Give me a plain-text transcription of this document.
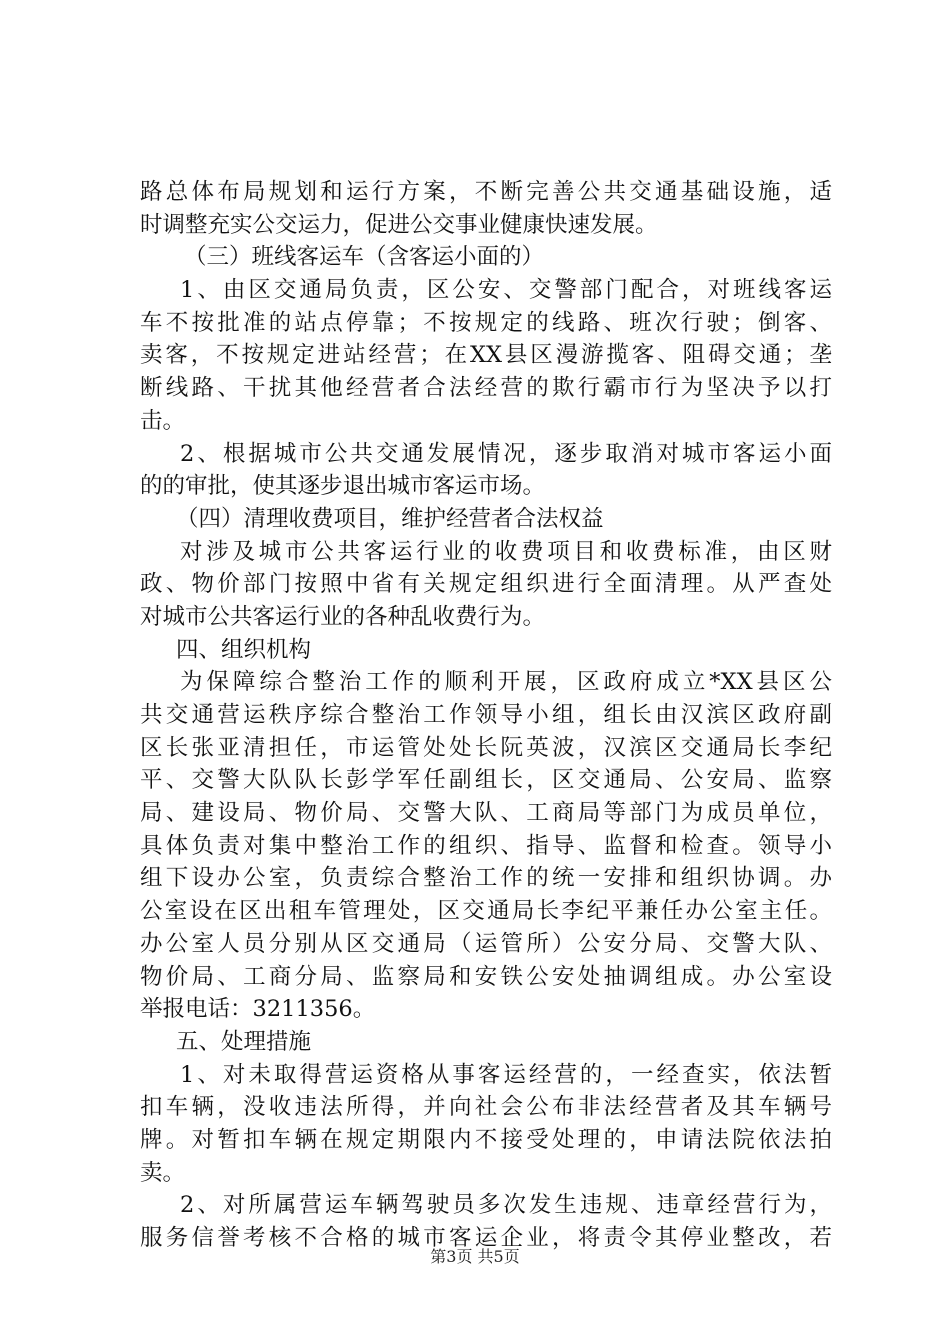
路总体布局规划和运行方案，不断完善公共交通基础设施，适

时调整充实公交运力，促进公交事业健康快速发展。

（三）班线客运车（含客运小面的）

1、由区交通局负责，区公安、交警部门配合，对班线客运

车不按批准的站点停靠；不按规定的线路、班次行驶；倒客、

卖客，不按规定进站经营；在XX县区漫游揽客、阻碍交通；垄

断线路、干扰其他经营者合法经营的欺行霸市行为坚决予以打

击。

2、根据城市公共交通发展情况，逐步取消对城市客运小面

的的审批，使其逐步退出城市客运市场。

（四）清理收费项目，维护经营者合法权益

对涉及城市公共客运行业的收费项目和收费标准，由区财

政、物价部门按照中省有关规定组织进行全面清理。从严查处

对城市公共客运行业的各种乱收费行为。

四、组织机构

为保障综合整治工作的顺利开展，区政府成立*XX县区公

共交通营运秩序综合整治工作领导小组，组长由汉滨区政府副

区长张亚清担任，市运管处处长阮英波，汉滨区交通局长李纪

平、交警大队队长彭学军任副组长，区交通局、公安局、监察

局、建设局、物价局、交警大队、工商局等部门为成员单位，

具体负责对集中整治工作的组织、指导、监督和检查。领导小

组下设办公室，负责综合整治工作的统一安排和组织协调。办

公室设在区出租车管理处，区交通局长李纪平兼任办公室主任。

办公室人员分别从区交通局（运管所）公安分局、交警大队、

物价局、工商分局、监察局和安铁公安处抽调组成。办公室设

举报电话：3211356。

五、处理措施

1、对未取得营运资格从事客运经营的，一经查实，依法暂

扣车辆，没收违法所得，并向社会公布非法经营者及其车辆号

牌。对暂扣车辆在规定期限内不接受处理的，申请法院依法拍

卖。

2、对所属营运车辆驾驶员多次发生违规、违章经营行为，

服务信誉考核不合格的城市客运企业，将责令其停业整改，若

第3页 共5页
